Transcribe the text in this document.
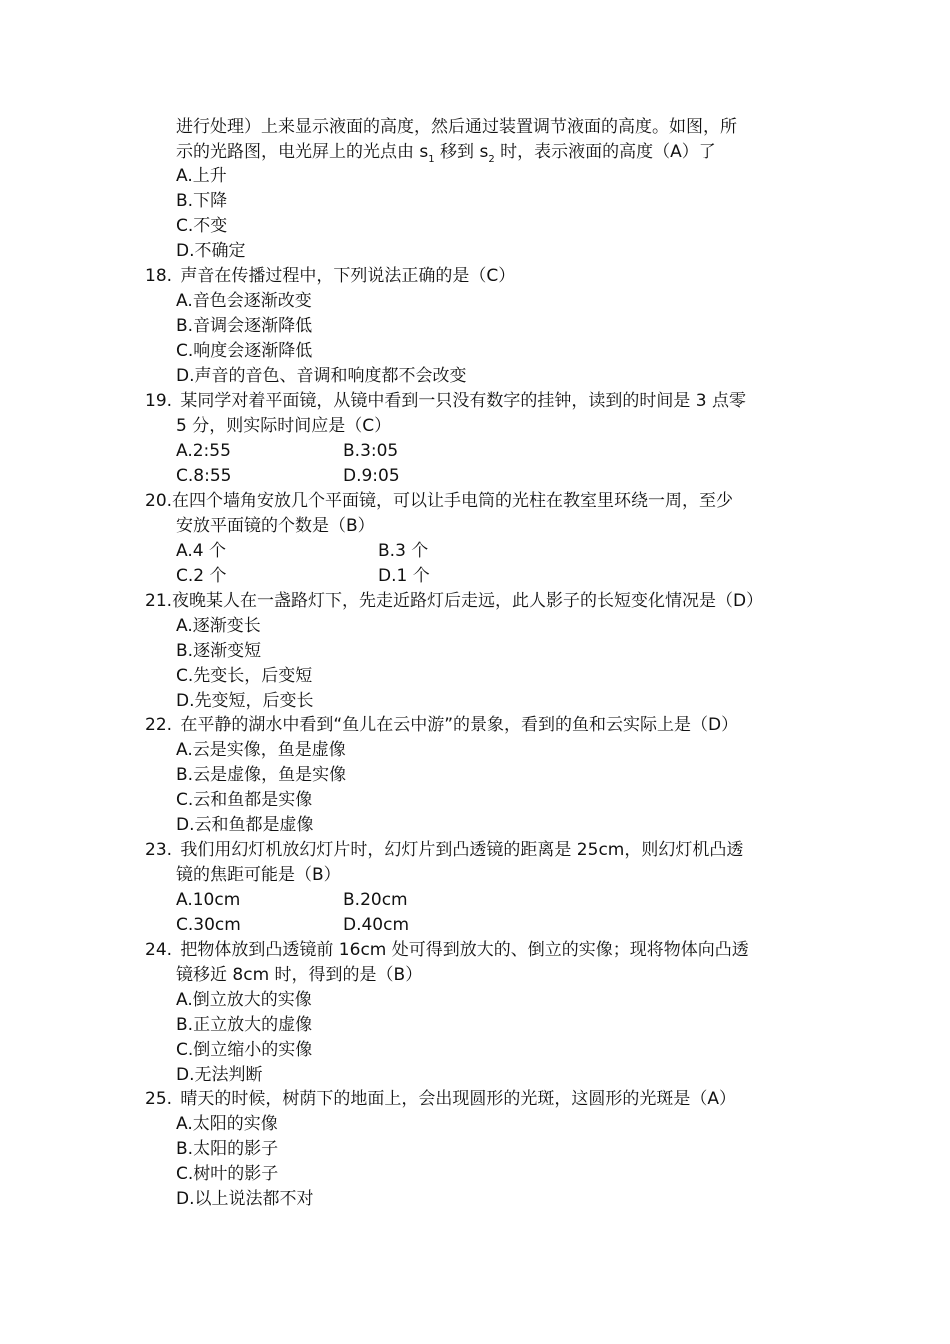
进行处理）上来显示液面的高度，然后通过装置调节液面的高度。如图，所
示的光路图，电光屏上的光点由 $s_1$ 移到 $s_2$ 时，表示液面的高度（A）了
A.上升
B.下降
C.不变
D.不确定
18. 声音在传播过程中，下列说法正确的是（C）
A.音色会逐渐改变
B.音调会逐渐降低
C.响度会逐渐降低
D.声音的音色、音调和响度都不会改变
19. 某同学对着平面镜，从镜中看到一只没有数字的挂钟，读到的时间是 3 点零
5 分，则实际时间应是（C）
A.2:55	B.3:05
C.8:55	D.9:05
20.在四个墙角安放几个平面镜，可以让手电筒的光柱在教室里环绕一周，至少
安放平面镜的个数是（B）
A.4 个	B.3 个
C.2 个	D.1 个
21.夜晚某人在一盏路灯下，先走近路灯后走远，此人影子的长短变化情况是（D）
A.逐渐变长
B.逐渐变短
C.先变长，后变短
D.先变短，后变长
22. 在平静的湖水中看到“鱼儿在云中游”的景象，看到的鱼和云实际上是（D）
A.云是实像，鱼是虚像
B.云是虚像，鱼是实像
C.云和鱼都是实像
D.云和鱼都是虚像
23. 我们用幻灯机放幻灯片时，幻灯片到凸透镜的距离是 25cm，则幻灯机凸透
镜的焦距可能是（B）
A.10cm	B.20cm
C.30cm	D.40cm
24. 把物体放到凸透镜前 16cm 处可得到放大的、倒立的实像；现将物体向凸透
镜移近 8cm 时，得到的是（B）
A.倒立放大的实像
B.正立放大的虚像
C.倒立缩小的实像
D.无法判断
25. 晴天的时候，树荫下的地面上，会出现圆形的光斑，这圆形的光斑是（A）
A.太阳的实像
B.太阳的影子
C.树叶的影子
D.以上说法都不对
